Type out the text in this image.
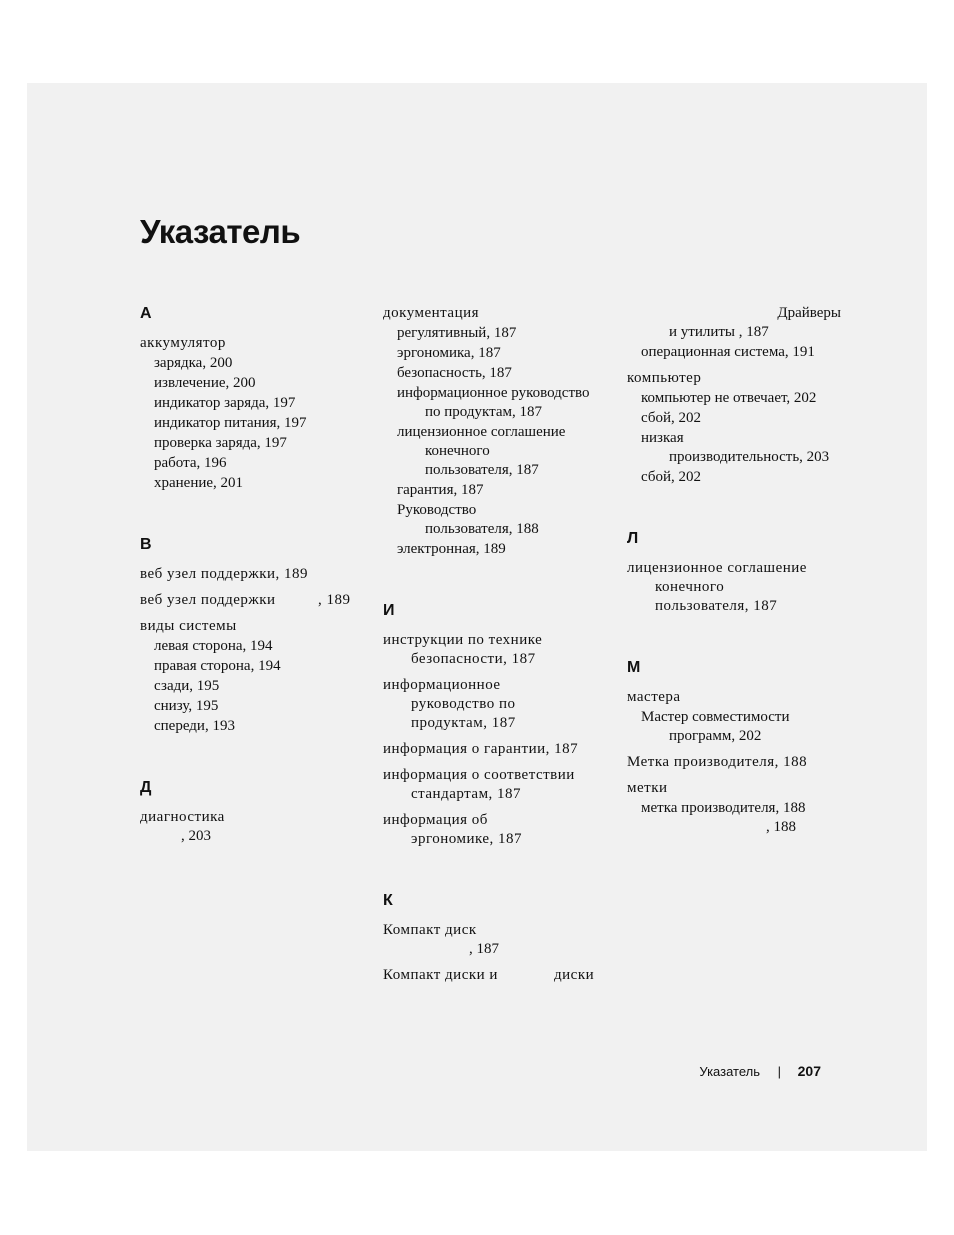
Указатель
А
аккумулятор
зарядка, 200
извлечение, 200
индикатор заряда, 197
индикатор питания, 197
проверка заряда, 197
работа, 196
хранение, 201
В
веб узел поддержки, 189
веб узел поддержки	, 189
виды системы
левая сторона, 194
правая сторона, 194
сзади, 195
снизу, 195
спереди, 193
Д
диагностика
, 203
документация
регулятивный, 187
эргономика, 187
безопасность, 187
информационное руководство
по продуктам, 187
лицензионное соглашение
конечного
пользователя, 187
гарантия, 187
Руководство
пользователя, 188
электронная, 189
И
инструкции по технике
безопасности, 187
информационное
руководство по
продуктам, 187
информация о гарантии, 187
информация о соответствии
стандартам, 187
информация об
эргономике, 187
К
Компакт диск
, 187
Компакт диски и	диски
Драйверы
и утилиты , 187
операционная система, 191
компьютер
компьютер не отвечает, 202
сбой, 202
низкая
производительность, 203
сбой, 202
Л
лицензионное соглашение
конечного
пользователя, 187
М
мастера
Мастер совместимости
программ, 202
Метка производителя, 188
метки
метка производителя, 188
, 188
Указатель | 207
